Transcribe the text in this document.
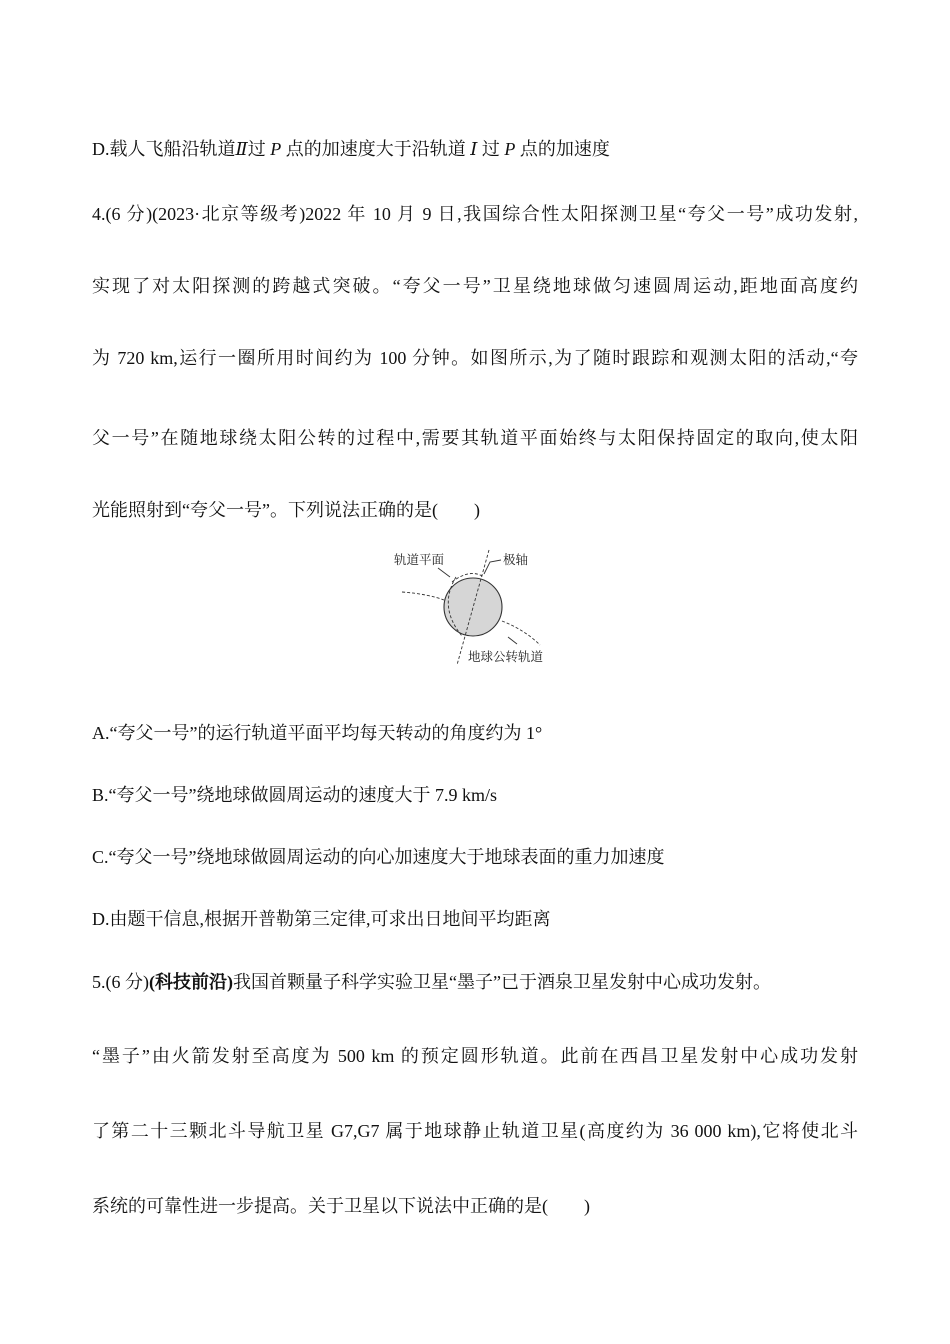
D.载人飞船沿轨道Ⅱ过 P 点的加速度大于沿轨道 Ⅰ 过 P 点的加速度
4.(6 分)(2023·北京等级考)2022 年 10 月 9 日,我国综合性太阳探测卫星“夸父一号”成功发射,
实现了对太阳探测的跨越式突破。“夸父一号”卫星绕地球做匀速圆周运动,距地面高度约
为 720 km,运行一圈所用时间约为 100 分钟。如图所示,为了随时跟踪和观测太阳的活动,“夸
父一号”在随地球绕太阳公转的过程中,需要其轨道平面始终与太阳保持固定的取向,使太阳
光能照射到“夸父一号”。下列说法正确的是(　　)
轨道平面	极轴
地球公转轨道
A.“夸父一号”的运行轨道平面平均每天转动的角度约为 1°
B.“夸父一号”绕地球做圆周运动的速度大于 7.9 km/s
C.“夸父一号”绕地球做圆周运动的向心加速度大于地球表面的重力加速度
D.由题干信息,根据开普勒第三定律,可求出日地间平均距离
5.(6 分)(科技前沿)我国首颗量子科学实验卫星“墨子”已于酒泉卫星发射中心成功发射。
“墨子”由火箭发射至高度为 500 km 的预定圆形轨道。此前在西昌卫星发射中心成功发射
了第二十三颗北斗导航卫星 G7,G7 属于地球静止轨道卫星(高度约为 36 000 km),它将使北斗
系统的可靠性进一步提高。关于卫星以下说法中正确的是(　　)
